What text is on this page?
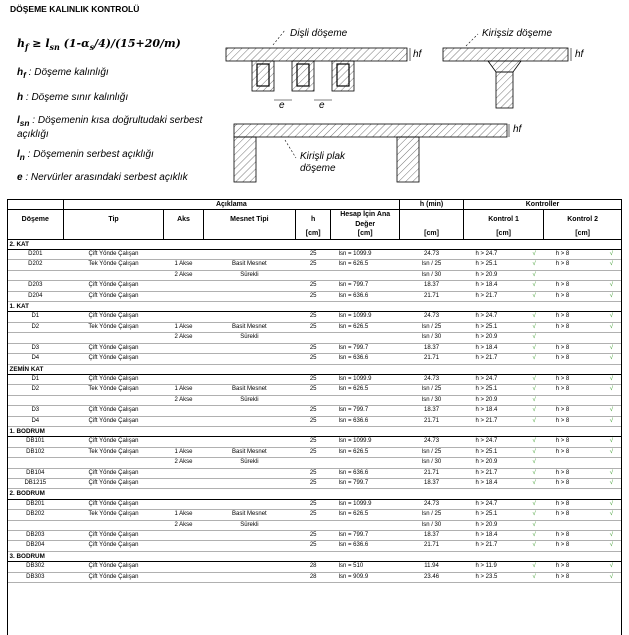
DÖŞEME KALINLIK KONTROLÜ
$h_f \ge l_{sn}$ $(1-\alpha_s/4)/(15+20/m)$
$h_f$ : Döşeme kalınlığı
h : Döşeme sınır kalınlığı
$l_{sn}$ : Döşemenin kısa doğrultudaki serbest açıklığı
$l_n$ : Döşemenin serbest açıklığı
e : Nervürler arasındaki serbest açıklık
Dişli döşeme	Kirişsiz döşeme
Kirişli plak döşeme
hf	hf
hf
e	e
	Açıklama					h (min)	Kontroller	
Döşeme	Tip	Aks	Mesnet Tipi	h	Hesap İçin Ana Değer		Kontrol 1	Kontrol 2
				[cm]	[cm]	[cm]	[cm]	[cm]
2. KAT								
D201	Çift Yönde Çalışan			25	lsn = 1099.9	24.73	h > 24.7 √	h > 8 √

D202	Tek Yönde Çalışan	1 Akse	Basit Mesnet	25	lsn = 626.5	lsn / 25	h > 25.1 √	h > 8 √

		2 Akse	Sürekli			lsn / 30	h > 20.9 √	

D203	Çift Yönde Çalışan			25	lsn = 799.7	18.37	h > 18.4 √	h > 8 √

D204	Çift Yönde Çalışan			25	lsn = 636.6	21.71	h > 21.7 √	h > 8 √

1. KAT								
D1	Çift Yönde Çalışan			25	lsn = 1099.9	24.73	h > 24.7 √	h > 8 √

D2	Tek Yönde Çalışan	1 Akse	Basit Mesnet	25	lsn = 626.5	lsn / 25	h > 25.1 √	h > 8 √

		2 Akse	Sürekli			lsn / 30	h > 20.9 √	

D3	Çift Yönde Çalışan			25	lsn = 799.7	18.37	h > 18.4 √	h > 8 √

D4	Çift Yönde Çalışan			25	lsn = 636.6	21.71	h > 21.7 √	h > 8 √

ZEMİN KAT								
D1	Çift Yönde Çalışan			25	lsn = 1099.9	24.73	h > 24.7 √	h > 8 √

D2	Tek Yönde Çalışan	1 Akse	Basit Mesnet	25	lsn = 626.5	lsn / 25	h > 25.1 √	h > 8 √

		2 Akse	Sürekli			lsn / 30	h > 20.9 √	

D3	Çift Yönde Çalışan			25	lsn = 799.7	18.37	h > 18.4 √	h > 8 √

D4	Çift Yönde Çalışan			25	lsn = 636.6	21.71	h > 21.7 √	h > 8 √

1. BODRUM								
DB101	Çift Yönde Çalışan			25	lsn = 1099.9	24.73	h > 24.7 √	h > 8 √

DB102	Tek Yönde Çalışan	1 Akse	Basit Mesnet	25	lsn = 626.5	lsn / 25	h > 25.1 √	h > 8 √

		2 Akse	Sürekli			lsn / 30	h > 20.9 √	

DB104	Çift Yönde Çalışan			25	lsn = 636.6	21.71	h > 21.7 √	h > 8 √

DB1215	Çift Yönde Çalışan			25	lsn = 799.7	18.37	h > 18.4 √	h > 8 √

2. BODRUM								
DB201	Çift Yönde Çalışan			25	lsn = 1099.9	24.73	h > 24.7 √	h > 8 √

DB202	Tek Yönde Çalışan	1 Akse	Basit Mesnet	25	lsn = 626.5	lsn / 25	h > 25.1 √	h > 8 √

		2 Akse	Sürekli			lsn / 30	h > 20.9 √	

DB203	Çift Yönde Çalışan			25	lsn = 799.7	18.37	h > 18.4 √	h > 8 √

DB204	Çift Yönde Çalışan			25	lsn = 636.6	21.71	h > 21.7 √	h > 8 √

3. BODRUM								
DB302	Çift Yönde Çalışan			28	lsn = 510	11.94	h > 11.9 √	h > 8 √

DB303	Çift Yönde Çalışan			28	lsn = 909.9	23.46	h > 23.5 √	h > 8 √
